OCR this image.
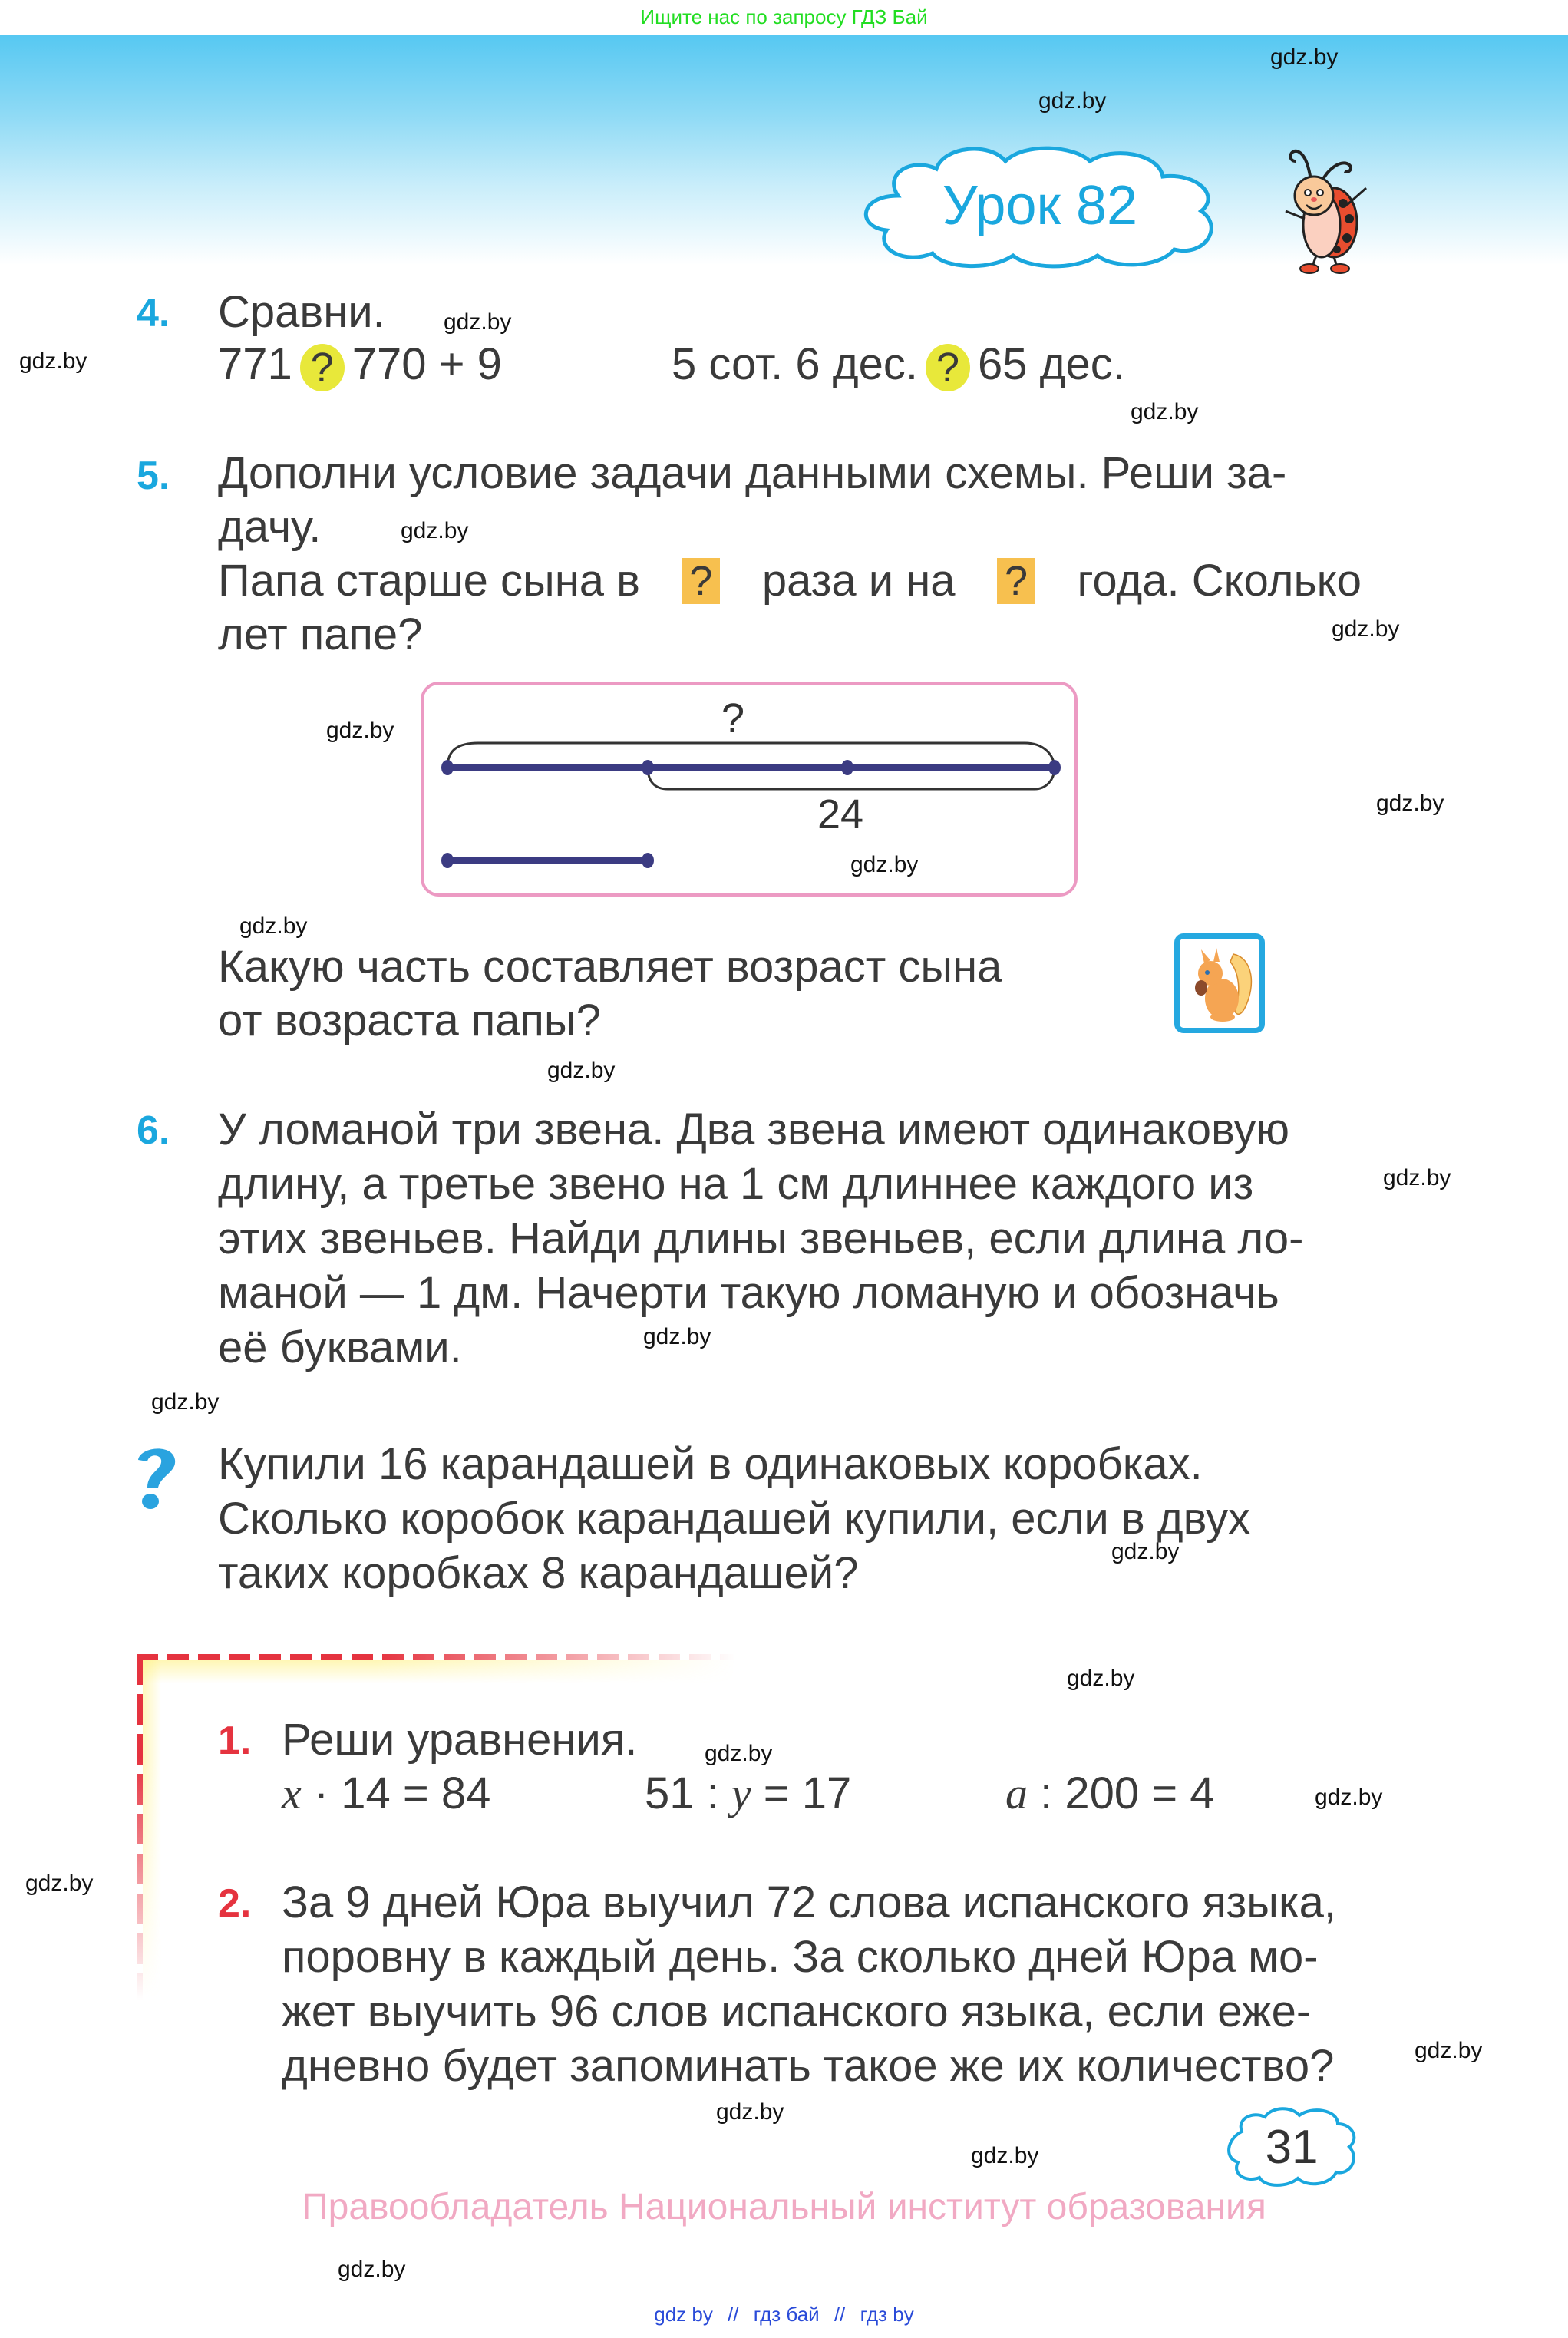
Ищите нас по запросу ГДЗ Бай
Урок 82
4. Сравни.
771 ? 770 + 9	5 сот. 6 дес. ? 65 дес.
5. Дополни условие задачи данными схемы. Реши за-
дачу.
Папа старше сына в ? раза и на ? года. Сколько
лет папе?
?
24
Какую часть составляет возраст сына
от возраста папы?
6. У ломаной три звена. Два звена имеют одинаковую
длину, а третье звено на 1 см длиннее каждого из
этих звеньев. Найди длины звеньев, если длина ло-
маной — 1 дм. Начерти такую ломаную и обозначь
её буквами.
Купили 16 карандашей в одинаковых коробках.
Сколько коробок карандашей купили, если в двух
таких коробках 8 карандашей?
1. Реши уравнения.
x · 14 = 84	51 : y = 17	a : 200 = 4
2. За 9 дней Юра выучил 72 слова испанского языка,
поровну в каждый день. За сколько дней Юра мо-
жет выучить 96 слов испанского языка, если еже-
дневно будет запоминать такое же их количество?
31
Правообладатель Национальный институт образования
gdz by // гдз бай // гдз by
gdz.by
gdz.by
gdz.by
gdz.by
gdz.by
gdz.by
gdz.by
gdz.by
gdz.by
gdz.by
gdz.by
gdz.by
gdz.by
gdz.by
gdz.by
gdz.by
gdz.by
gdz.by
gdz.by
gdz.by
gdz.by
gdz.by
gdz.by
gdz.by
